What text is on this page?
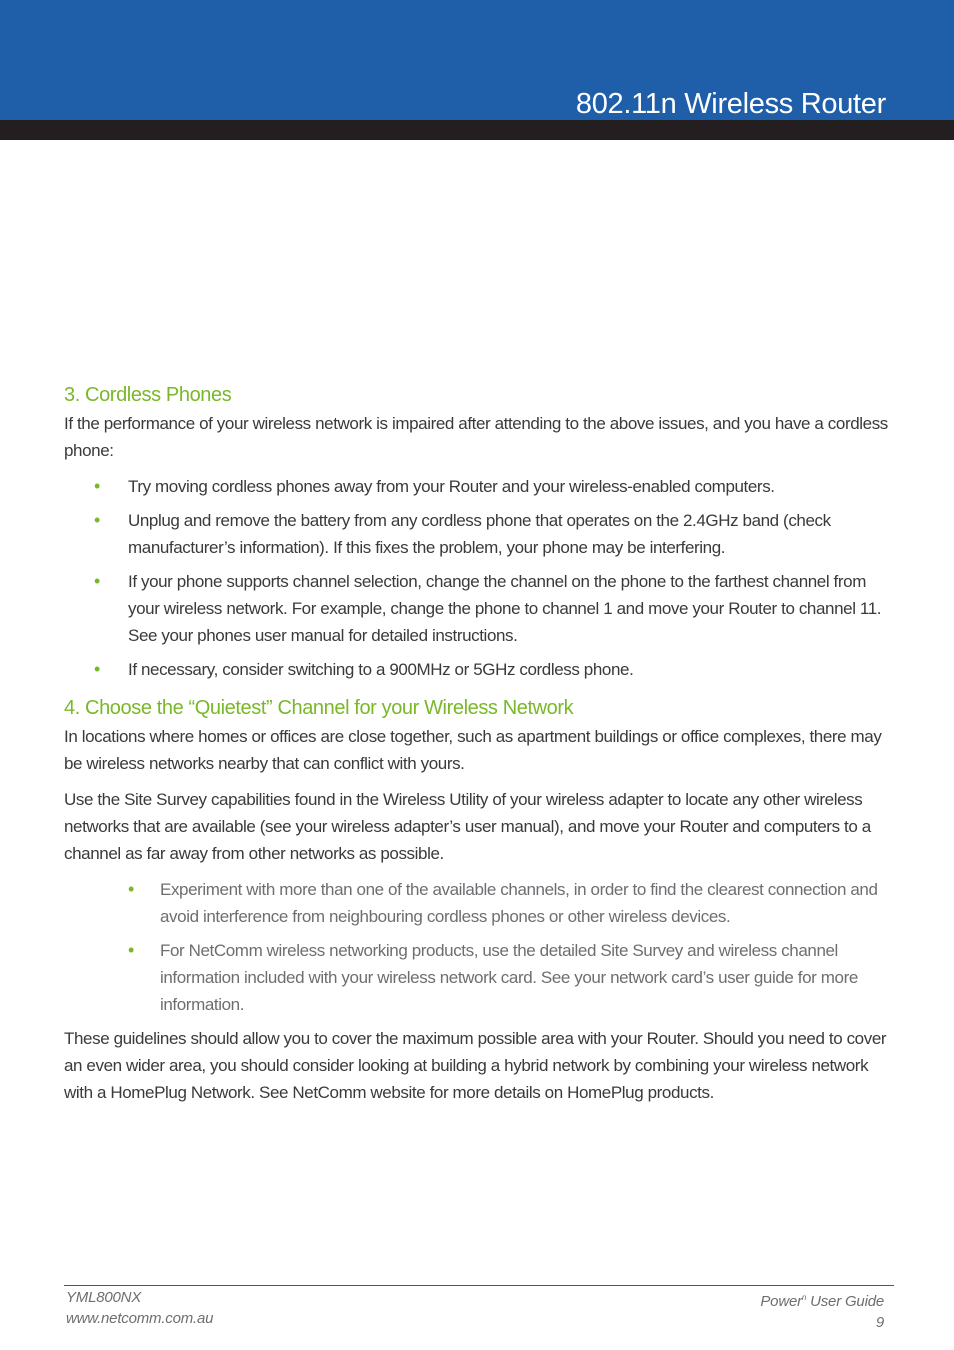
802.11n Wireless Router
3. Cordless Phones

If the performance of your wireless network is impaired after attending to the above issues, and you have a cordless phone:

• Try moving cordless phones away from your Router and your wireless-enabled computers.
• Unplug and remove the battery from any cordless phone that operates on the 2.4GHz band (check manufacturer’s information). If this fixes the problem, your phone may be interfering.
• If your phone supports channel selection, change the channel on the phone to the farthest channel from your wireless network. For example, change the phone to channel 1 and move your Router to channel 11. See your phones user manual for detailed instructions.
• If necessary, consider switching to a 900MHz or 5GHz cordless phone.
4. Choose the “Quietest” Channel for your Wireless Network

In locations where homes or offices are close together, such as apartment buildings or office complexes, there may be wireless networks nearby that can conflict with yours.

Use the Site Survey capabilities found in the Wireless Utility of your wireless adapter to locate any other wireless networks that are available (see your wireless adapter’s user manual), and move your Router and computers to a channel as far away from other networks as possible.

• Experiment with more than one of the available channels, in order to find the clearest connection and avoid interference from neighbouring cordless phones or other wireless devices.
• For NetComm wireless networking products, use the detailed Site Survey and wireless channel information included with your wireless network card. See your network card’s user guide for more information.

These guidelines should allow you to cover the maximum possible area with your Router. Should you need to cover an even wider area, you should consider looking at building a hybrid network by combining your wireless network with a HomePlug Network. See NetComm website for more details on HomePlug products.

YML800NX
www.netcomm.com.au
Power$^n$ User Guide
9
